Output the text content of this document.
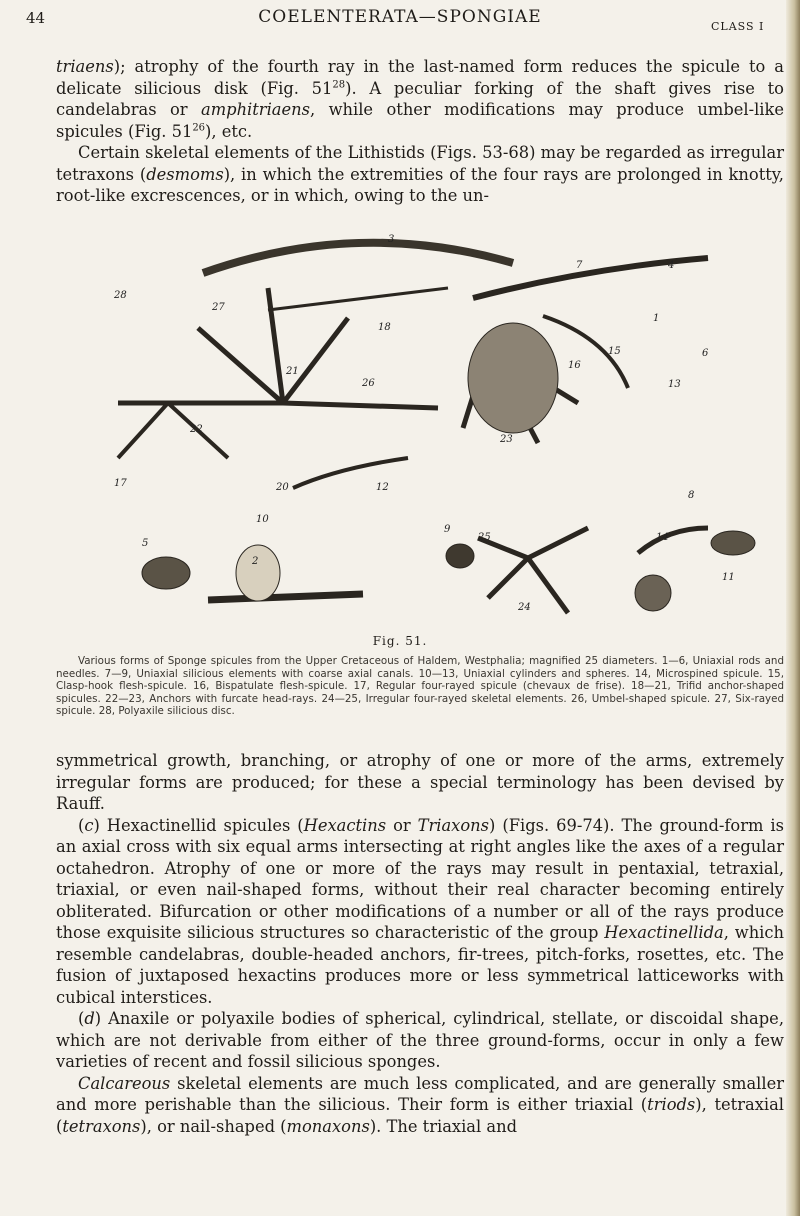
44	COELENTERATA—SPONGIAE	CLASS I

triaens); atrophy of the fourth ray in the last-named form reduces the spicule to a delicate silicious disk (Fig. $51^{28}$). A peculiar forking of the shaft gives rise to candelabras or amphitriaens, while other modifications may produce umbel-like spicules (Fig. $51^{26}$), etc.

Certain skeletal elements of the Lithistids (Figs. 53-68) may be regarded as irregular tetraxons (desmoms), in which the extremities of the four rays are prolonged in knotty, root-like excrescences, or in which, owing to the un-

3
7	4
1
28
27
18
15	6
16
21
26	13
22
23
17	20	12
8
10
9
25	14
5
2
24
11
Fig. 51.

Various forms of Sponge spicules from the Upper Cretaceous of Haldem, Westphalia; magnified 25 diameters. 1—6, Uniaxial rods and needles. 7—9, Uniaxial silicious elements with coarse axial canals. 10—13, Uniaxial cylinders and spheres. 14, Microspined spicule. 15, Clasp-hook flesh-spicule. 16, Bispatulate flesh-spicule. 17, Regular four-rayed spicule (chevaux de frise). 18—21, Trifid anchor-shaped spicules. 22—23, Anchors with furcate head-rays. 24—25, Irregular four-rayed skeletal elements. 26, Umbel-shaped spicule. 27, Six-rayed spicule. 28, Polyaxile silicious disc.

symmetrical growth, branching, or atrophy of one or more of the arms, extremely irregular forms are produced; for these a special terminology has been devised by Rauff.

(c) Hexactinellid spicules (Hexactins or Triaxons) (Figs. 69-74). The ground-form is an axial cross with six equal arms intersecting at right angles like the axes of a regular octahedron. Atrophy of one or more of the rays may result in pentaxial, tetraxial, triaxial, or even nail-shaped forms, without their real character becoming entirely obliterated. Bifurcation or other modifications of a number or all of the rays produce those exquisite silicious structures so characteristic of the group Hexactinellida, which resemble candelabras, double-headed anchors, fir-trees, pitch-forks, rosettes, etc. The fusion of juxtaposed hexactins produces more or less symmetrical latticeworks with cubical interstices.

(d) Anaxile or polyaxile bodies of spherical, cylindrical, stellate, or discoidal shape, which are not derivable from either of the three ground-forms, occur in only a few varieties of recent and fossil silicious sponges.

Calcareous skeletal elements are much less complicated, and are generally smaller and more perishable than the silicious. Their form is either triaxial (triods), tetraxial (tetraxons), or nail-shaped (monaxons). The triaxial and
